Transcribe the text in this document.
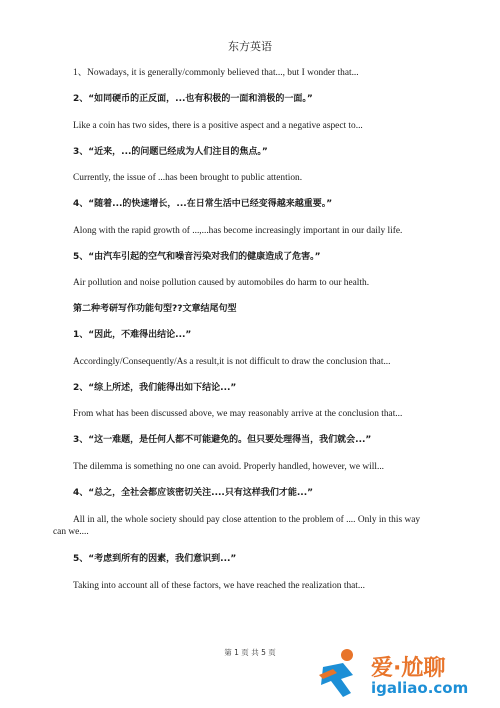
东方英语
1、Nowadays, it is generally/commonly believed that..., but I wonder that...
2、“如同硬币的正反面，...也有积极的一面和消极的一面。”
Like a coin has two sides, there is a positive aspect and a negative aspect to...
3、“近来，...的问题已经成为人们注目的焦点。”
Currently, the issue of ...has been brought to public attention.
4、“随着...的快速增长，...在日常生活中已经变得越来越重要。”
Along with the rapid growth of ...,...has become increasingly important in our daily life.
5、“由汽车引起的空气和噪音污染对我们的健康造成了危害。”
Air pollution and noise pollution caused by automobiles do harm to our health.
第二种考研写作功能句型??文章结尾句型
1、“因此，不难得出结论...”
Accordingly/Consequently/As a result,it is not difficult to draw the conclusion that...
2、“综上所述，我们能得出如下结论...”
From what has been discussed above, we may reasonably arrive at the conclusion that...
3、“这一难题，是任何人都不可能避免的。但只要处理得当，我们就会...”
The dilemma is something no one can avoid. Properly handled, however, we will...
4、“总之，全社会都应该密切关注....只有这样我们才能...”
All in all, the whole society should pay close attention to the problem of .... Only in this way
can we....
5、“考虑到所有的因素，我们意识到...”
Taking into account all of these factors, we have reached the realization that...
第 1 页 共 5 页
爱·尬聊
igaliao.com
